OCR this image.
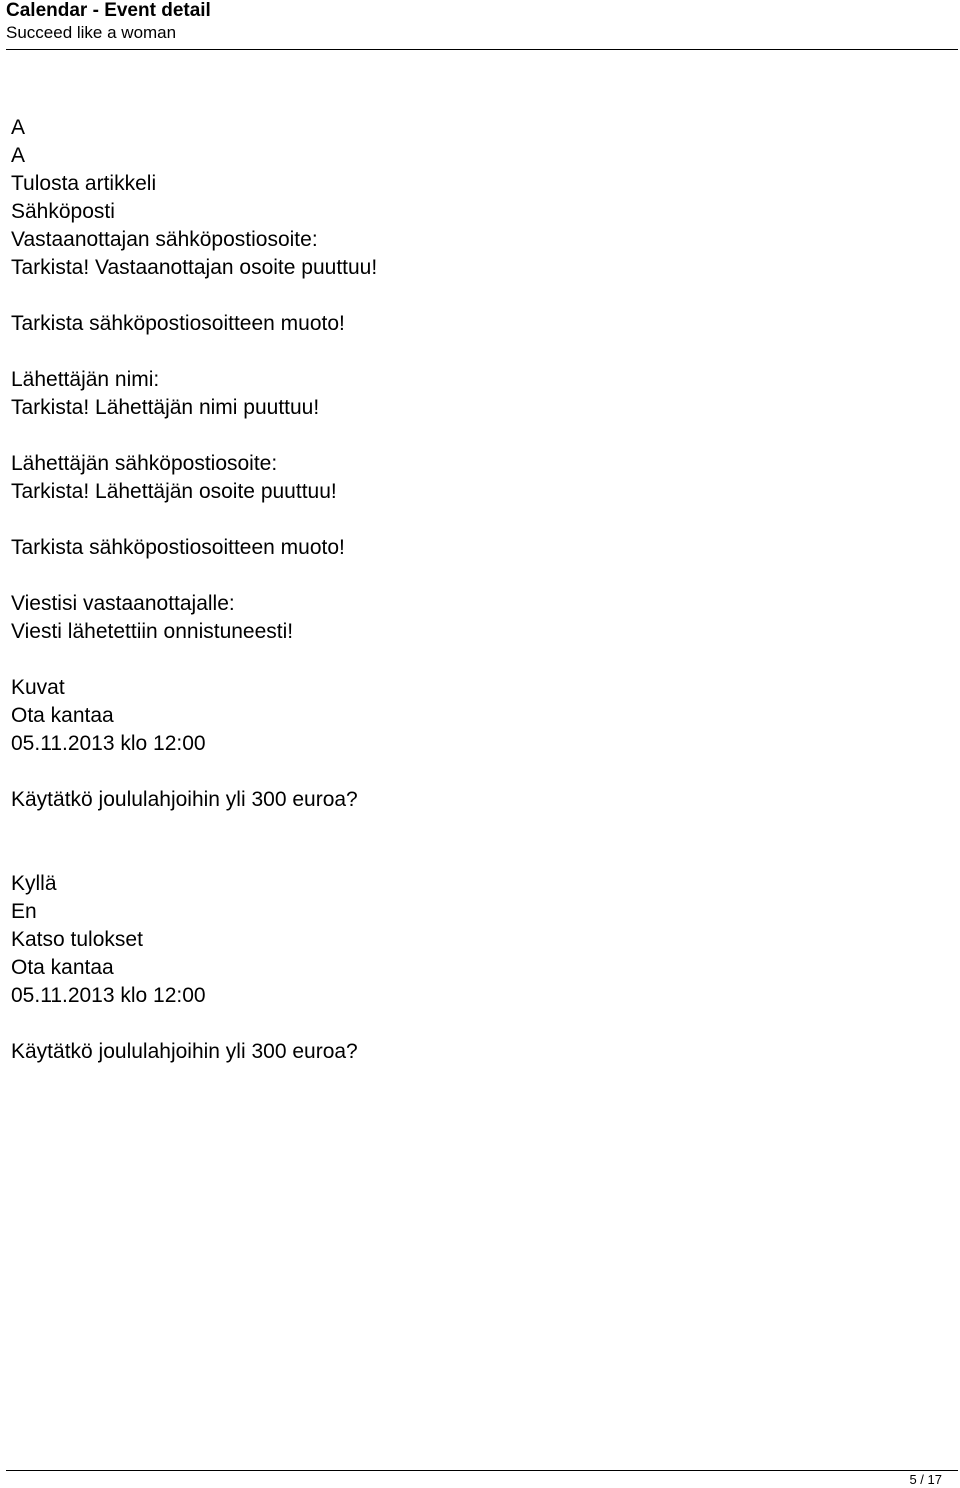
Calendar - Event detail
Succeed like a woman
A
A
Tulosta artikkeli
Sähköposti
Vastaanottajan sähköpostiosoite:
Tarkista! Vastaanottajan osoite puuttuu!
Tarkista sähköpostiosoitteen muoto!
Lähettäjän nimi:
Tarkista! Lähettäjän nimi puuttuu!
Lähettäjän sähköpostiosoite:
Tarkista! Lähettäjän osoite puuttuu!
Tarkista sähköpostiosoitteen muoto!
Viestisi vastaanottajalle:
Viesti lähetettiin onnistuneesti!
Kuvat
Ota kantaa
05.11.2013 klo 12:00
Käytätkö joululahjoihin yli 300 euroa?
Kyllä
En
Katso tulokset
Ota kantaa
05.11.2013 klo 12:00
Käytätkö joululahjoihin yli 300 euroa?
5 / 17
